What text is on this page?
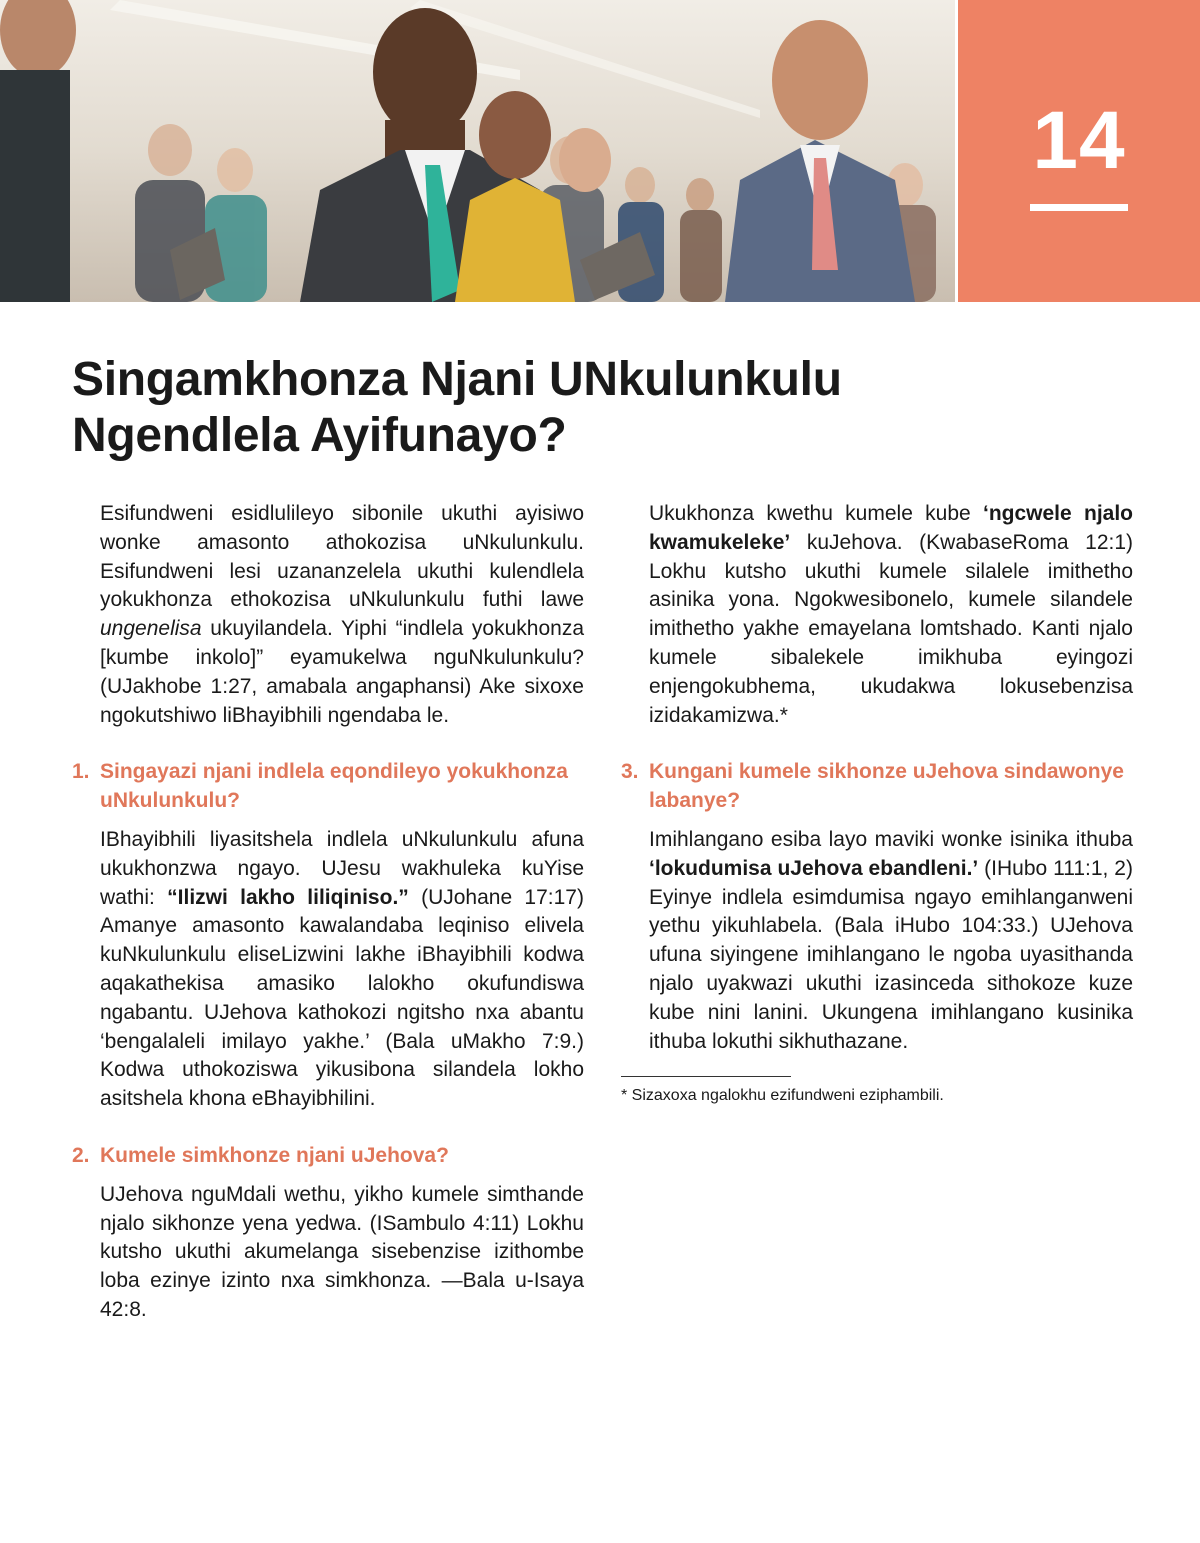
14
Singamkhonza Njani UNkulunkulu
Ngendlela Ayifunayo?

Esifundweni esidlulileyo sibonile ukuthi ayisiwo wonke amasonto athokozisa uNkulunkulu. Esifundweni lesi uzananzelela ukuthi kulendlela yokukhonza ethokozisa uNkulunkulu futhi lawe ungenelisa ukuyilandela. Yiphi “indlela yokukhonza [kumbe inkolo]” eyamukelwa nguNkulunkulu? (UJakhobe 1:27, amabala angaphansi) Ake sixoxe ngokutshiwo liBhayibhili ngendaba le.

1. Singayazi njani indlela eqondileyo yokukhonza uNkulunkulu?

IBhayibhili liyasitshela indlela uNkulunkulu afuna ukukhonzwa ngayo. UJesu wakhuleka kuYise wathi: “Ilizwi lakho liliqiniso.” (UJohane 17:17) Amanye amasonto kawalandaba leqiniso elivela kuNkulunkulu eliseLizwini lakhe iBhayibhili kodwa aqakathekisa amasiko lalokho okufundiswa ngabantu. UJehova kathokozi ngitsho nxa abantu ‘bengalaleli imilayo yakhe.’ (Bala uMakho 7:9.) Kodwa uthokoziswa yikusibona silandela lokho asitshela khona eBhayibhilini.

2. Kumele simkhonze njani uJehova?

UJehova nguMdali wethu, yikho kumele simthande njalo sikhonze yena yedwa. (ISambulo 4:11) Lokhu kutsho ukuthi akumelanga sisebenzise izithombe loba ezinye izinto nxa simkhonza. —Bala u-Isaya 42:8.

Ukukhonza kwethu kumele kube ‘ngcwele njalo kwamukeleke’ kuJehova. (KwabaseRoma 12:1) Lokhu kutsho ukuthi kumele silalele imithetho asinika yona. Ngokwesibonelo, kumele silandele imithetho yakhe emayelana lomtshado. Kanti njalo kumele sibalekele imikhuba eyingozi enjengokubhema, ukudakwa lokusebenzisa izidakamizwa.*

3. Kungani kumele sikhonze uJehova sindawonye labanye?

Imihlangano esiba layo maviki wonke isinika ithuba ‘lokudumisa uJehova ebandleni.’ (IHubo 111:1, 2) Eyinye indlela esimdumisa ngayo emihlanganweni yethu yikuhlabela. (Bala iHubo 104:33.) UJehova ufuna siyingene imihlangano le ngoba uyasithanda njalo uyakwazi ukuthi izasinceda sithokoze kuze kube nini lanini. Ukungena imihlangano kusinika ithuba lokuthi sikhuthazane.

* Sizaxoxa ngalokhu ezifundweni eziphambili.
